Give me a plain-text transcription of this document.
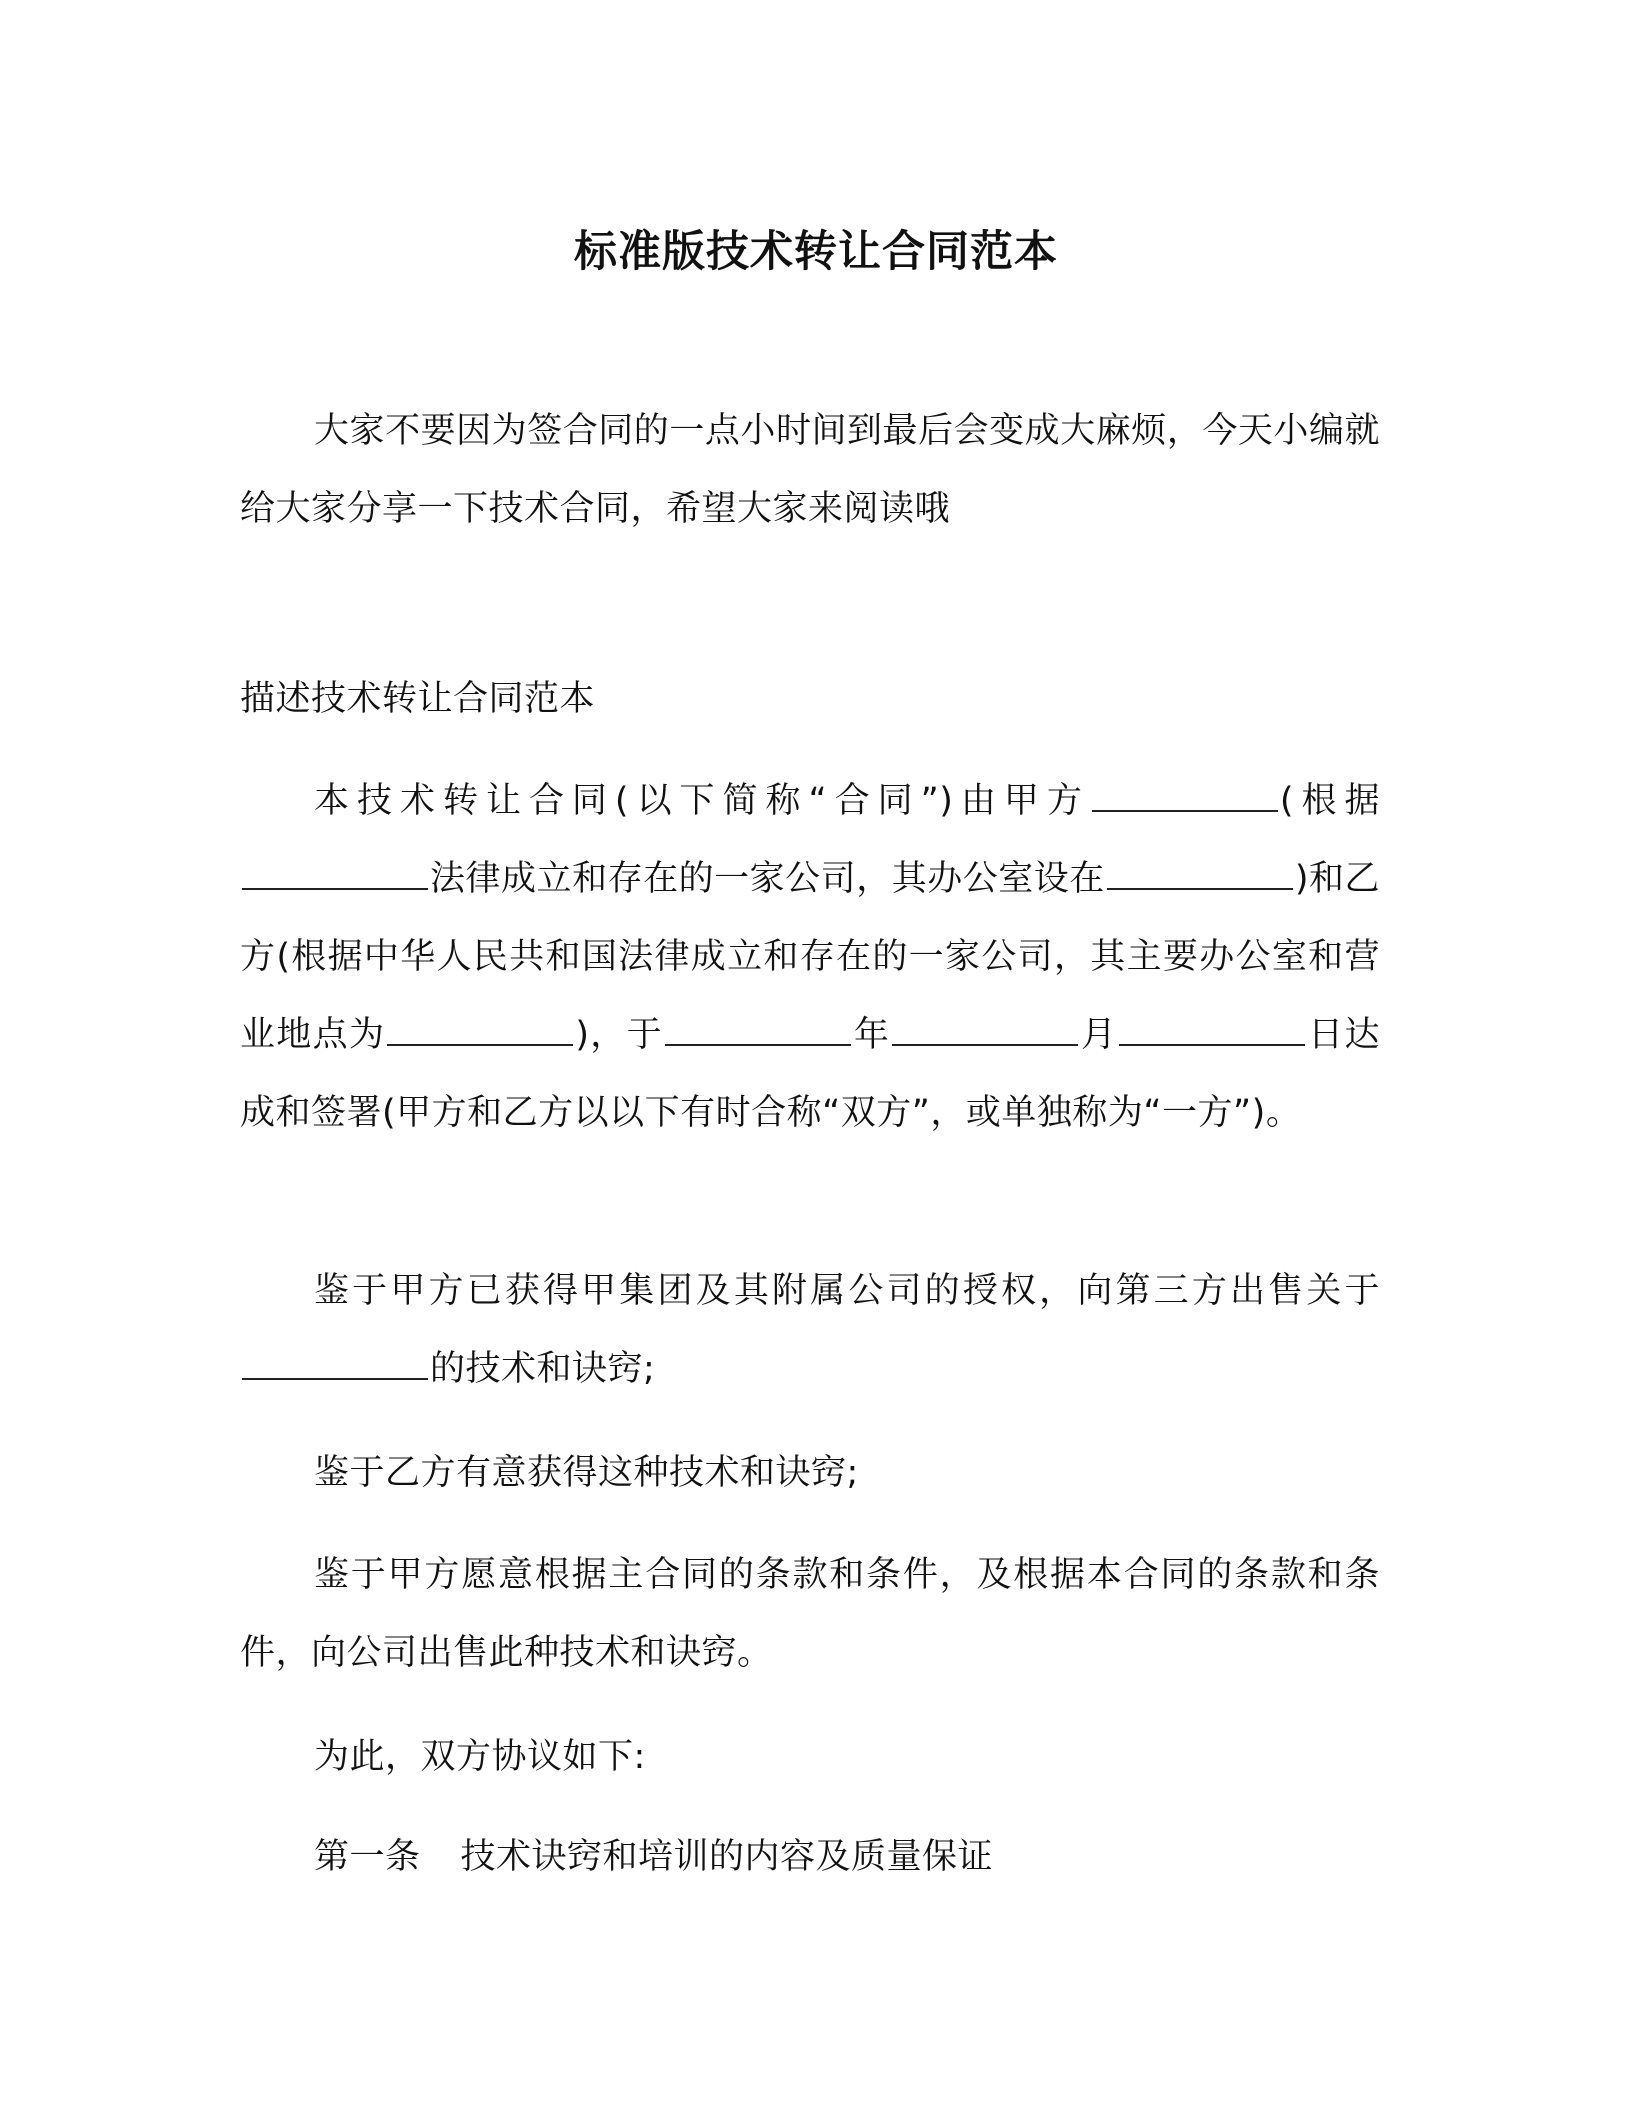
标准版技术转让合同范本

大家不要因为签合同的一点小时间到最后会变成大麻烦，今天小编就给大家分享一下技术合同，希望大家来阅读哦

描述技术转让合同范本

本技术转让合同(以下简称“合同”)由甲方	(根据法律成立和存在的一家公司，其办公室设在	)和乙方(根据中华人民共和国法律成立和存在的一家公司，其主要办公室和营业地点为	)，于	年	月	日达成和签署(甲方和乙方以以下有时合称“双方”，或单独称为“一方”)。

鉴于甲方已获得甲集团及其附属公司的授权，向第三方出售关于的技术和诀窍;

鉴于乙方有意获得这种技术和诀窍;

鉴于甲方愿意根据主合同的条款和条件，及根据本合同的条款和条件，向公司出售此种技术和诀窍。

为此，双方协议如下:

第一条 技术诀窍和培训的内容及质量保证
